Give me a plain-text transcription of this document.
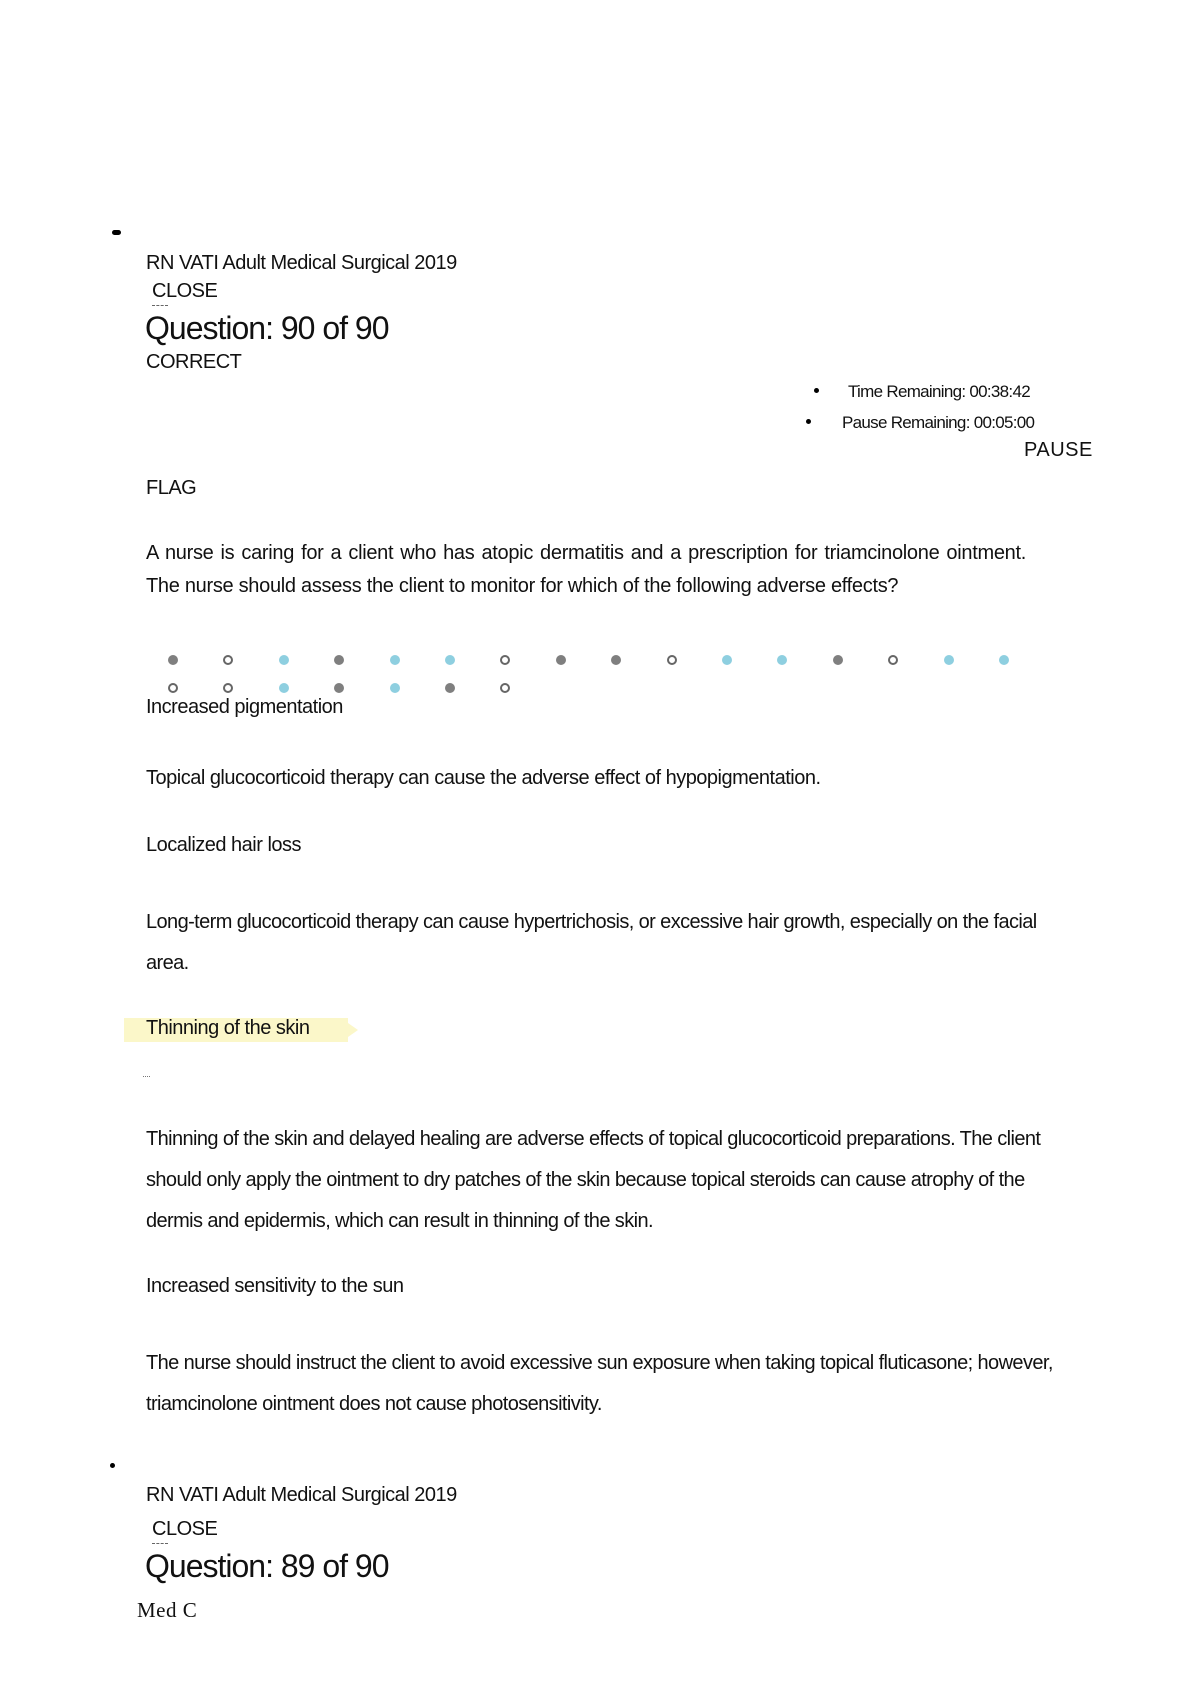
RN VATI Adult Medical Surgical 2019
CLOSE
Question: 90 of 90
CORRECT
Time Remaining: 00:38:42
Pause Remaining: 00:05:00
PAUSE
FLAG
A nurse is caring for a client who has atopic dermatitis and a prescription for triamcinolone ointment. The nurse should assess the client to monitor for which of the following adverse effects?
Increased pigmentation
Topical glucocorticoid therapy can cause the adverse effect of hypopigmentation.
Localized hair loss
Long-term glucocorticoid therapy can cause hypertrichosis, or excessive hair growth, especially on the facial area.
Thinning of the skin
Thinning of the skin and delayed healing are adverse effects of topical glucocorticoid preparations. The client should only apply the ointment to dry patches of the skin because topical steroids can cause atrophy of the dermis and epidermis, which can result in thinning of the skin.
Increased sensitivity to the sun
The nurse should instruct the client to avoid excessive sun exposure when taking topical fluticasone; however, triamcinolone ointment does not cause photosensitivity.
RN VATI Adult Medical Surgical 2019
CLOSE
Question: 89 of 90
Med C
